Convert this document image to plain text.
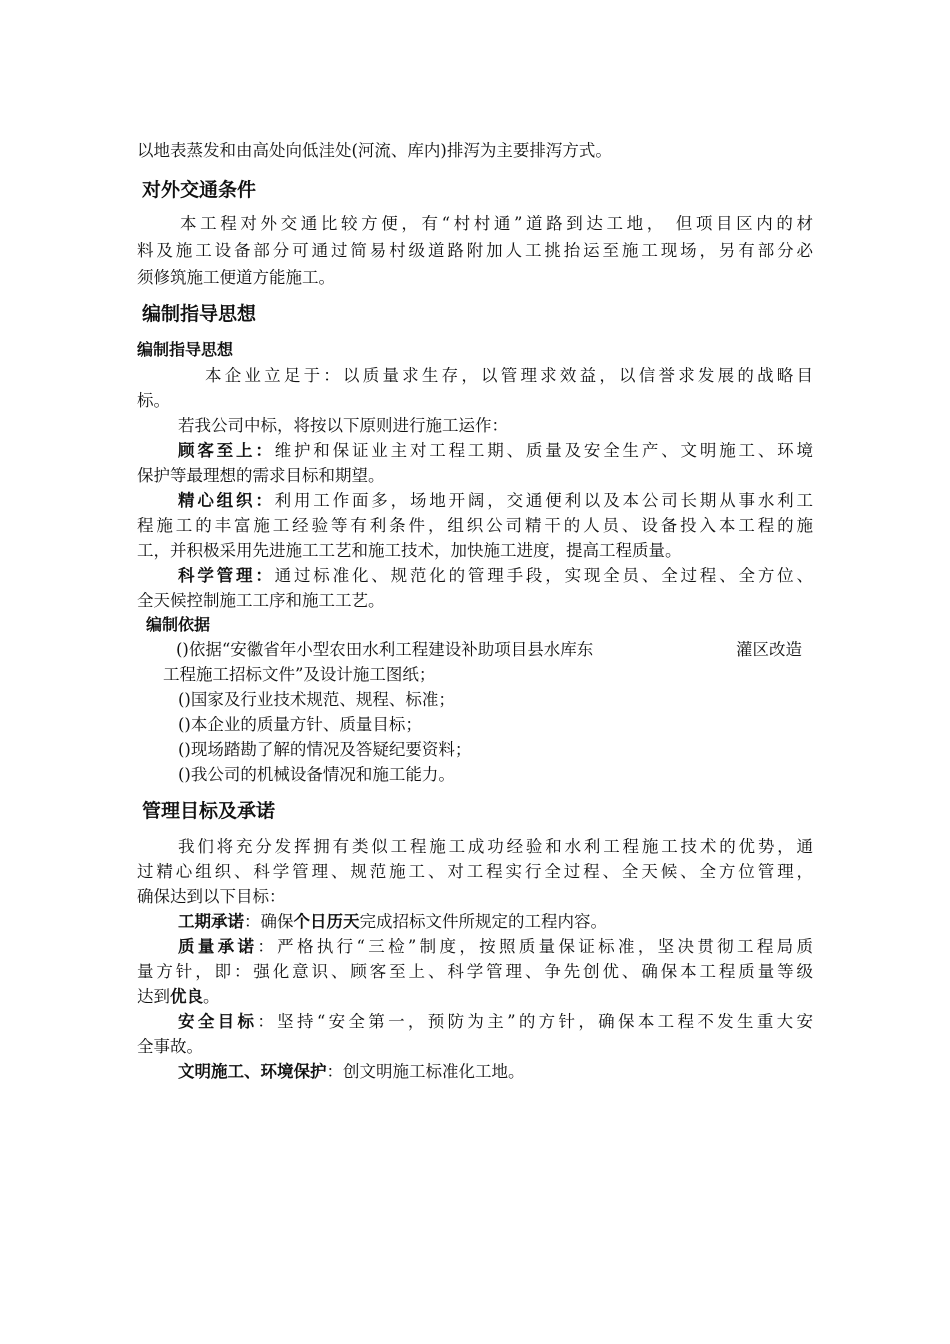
以地表蒸发和由高处向低洼处(河流、库内)排泻为主要排泻方式。
对外交通条件
本工程对外交通比较方便，有“村村通”道路到达工地， 但项目区内的材
料及施工设备部分可通过简易村级道路附加人工挑抬运至施工现场，另有部分必
须修筑施工便道方能施工。
编制指导思想
编制指导思想
本企业立足于：以质量求生存，以管理求效益，以信誉求发展的战略目
标。
若我公司中标，将按以下原则进行施工运作：
顾客至上：维护和保证业主对工程工期、质量及安全生产、文明施工、环境
保护等最理想的需求目标和期望。
精心组织：利用工作面多，场地开阔，交通便利以及本公司长期从事水利工
程施工的丰富施工经验等有利条件，组织公司精干的人员、设备投入本工程的施
工，并积极采用先进施工工艺和施工技术，加快施工进度，提高工程质量。
科学管理：通过标准化、规范化的管理手段，实现全员、全过程、全方位、
全天候控制施工工序和施工工艺。
编制依据
()依据“安徽省年小型农田水利工程建设补助项目县水库东	灌区改造
工程施工招标文件”及设计施工图纸；
()国家及行业技术规范、规程、标准；
()本企业的质量方针、质量目标；
()现场踏勘了解的情况及答疑纪要资料；
()我公司的机械设备情况和施工能力。
管理目标及承诺
我们将充分发挥拥有类似工程施工成功经验和水利工程施工技术的优势，通
过精心组织、科学管理、规范施工、对工程实行全过程、全天候、全方位管理，
确保达到以下目标：
工期承诺：确保个日历天完成招标文件所规定的工程内容。
质量承诺：严格执行“三检”制度，按照质量保证标准，坚决贯彻工程局质
量方针，即：强化意识、顾客至上、科学管理、争先创优、确保本工程质量等级
达到优良。
安全目标：坚持“安全第一，预防为主”的方针，确保本工程不发生重大安
全事故。
文明施工、环境保护：创文明施工标准化工地。
